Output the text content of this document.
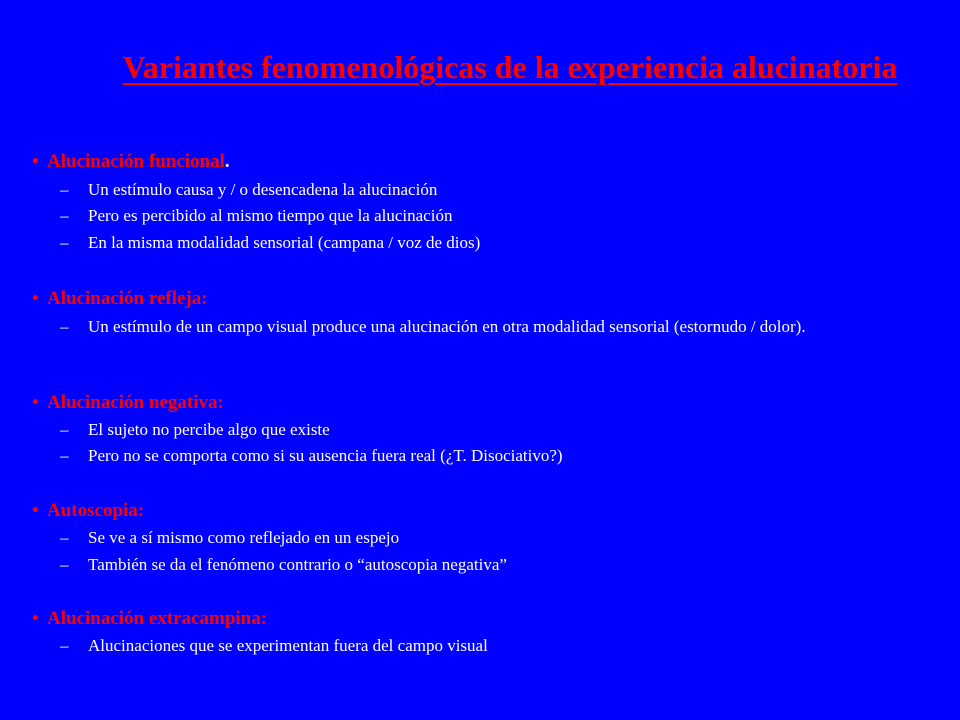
Variantes fenomenológicas de la experiencia alucinatoria
• Alucinación funcional.
– Un estímulo causa y / o desencadena la alucinación
– Pero es percibido al mismo tiempo que la alucinación
– En la misma modalidad sensorial (campana / voz de dios)
• Alucinación refleja:
– Un estímulo de un campo visual produce una alucinación en otra modalidad sensorial (estornudo / dolor).
• Alucinación negativa:
– El sujeto no percibe algo que existe
– Pero no se comporta como si su ausencia fuera real (¿T. Disociativo?)
• Autoscopia:
– Se ve a sí mismo como reflejado en un espejo
– También se da el fenómeno contrario o “autoscopia negativa”
• Alucinación extracampina:
– Alucinaciones que se experimentan fuera del campo visual
